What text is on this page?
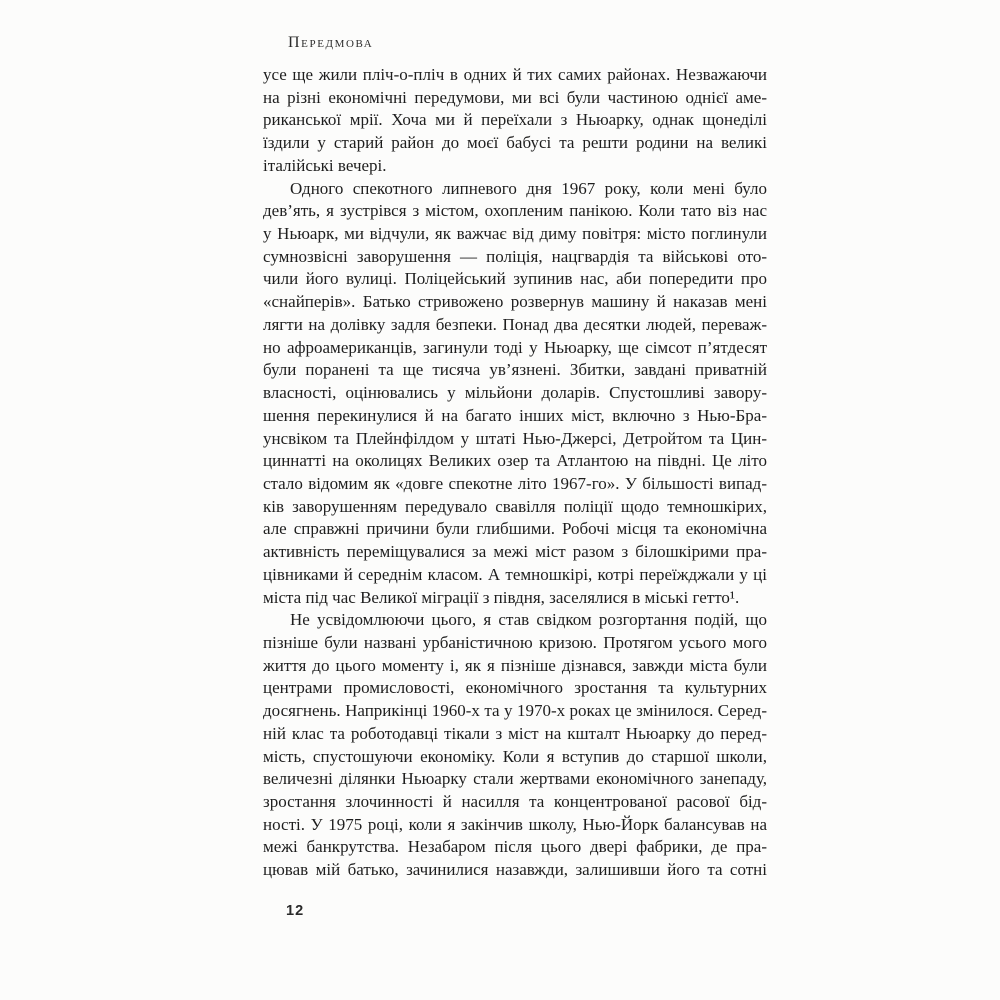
Передмова
усе ще жили пліч-о-пліч в одних й тих самих районах. Незважаючи
на різні економічні передумови, ми всі були частиною однієї аме-
риканської мрії. Хоча ми й переїхали з Ньюарку, однак щонеділі
їздили у старий район до моєї бабусі та решти родини на великі
італійські вечері.
Одного спекотного липневого дня 1967 року, коли мені було
дев’ять, я зустрівся з містом, охопленим панікою. Коли тато віз нас
у Ньюарк, ми відчули, як важчає від диму повітря: місто поглинули
сумнозвісні заворушення — поліція, нацгвардія та військові ото-
чили його вулиці. Поліцейський зупинив нас, аби попередити про
«снайперів». Батько стривожено розвернув машину й наказав мені
лягти на долівку задля безпеки. Понад два десятки людей, переваж-
но афроамериканців, загинули тоді у Ньюарку, ще сімсот п’ятдесят
були поранені та ще тисяча ув’язнені. Збитки, завдані приватній
власності, оцінювались у мільйони доларів. Спустошливі завору-
шення перекинулися й на багато інших міст, включно з Нью-Бра-
унсвіком та Плейнфілдом у штаті Нью-Джерсі, Детройтом та Цин-
циннатті на околицях Великих озер та Атлантою на півдні. Це літо
стало відомим як «довге спекотне літо 1967-го». У більшості випад-
ків заворушенням передувало свавілля поліції щодо темношкірих,
але справжні причини були глибшими. Робочі місця та економічна
активність переміщувалися за межі міст разом з білошкірими пра-
цівниками й середнім класом. А темношкірі, котрі переїжджали у ці
міста під час Великої міграції з півдня, заселялися в міські гетто¹.
Не усвідомлюючи цього, я став свідком розгортання подій, що
пізніше були названі урбаністичною кризою. Протягом усього мого
життя до цього моменту і, як я пізніше дізнався, завжди міста були
центрами промисловості, економічного зростання та культурних
досягнень. Наприкінці 1960-х та у 1970-х роках це змінилося. Серед-
ній клас та роботодавці тікали з міст на кшталт Ньюарку до перед-
мість, спустошуючи економіку. Коли я вступив до старшої школи,
величезні ділянки Ньюарку стали жертвами економічного занепаду,
зростання злочинності й насилля та концентрованої расової бід-
ності. У 1975 році, коли я закінчив школу, Нью-Йорк балансував на
межі банкрутства. Незабаром після цього двері фабрики, де пра-
цював мій батько, зачинилися назавжди, залишивши його та сотні
12
